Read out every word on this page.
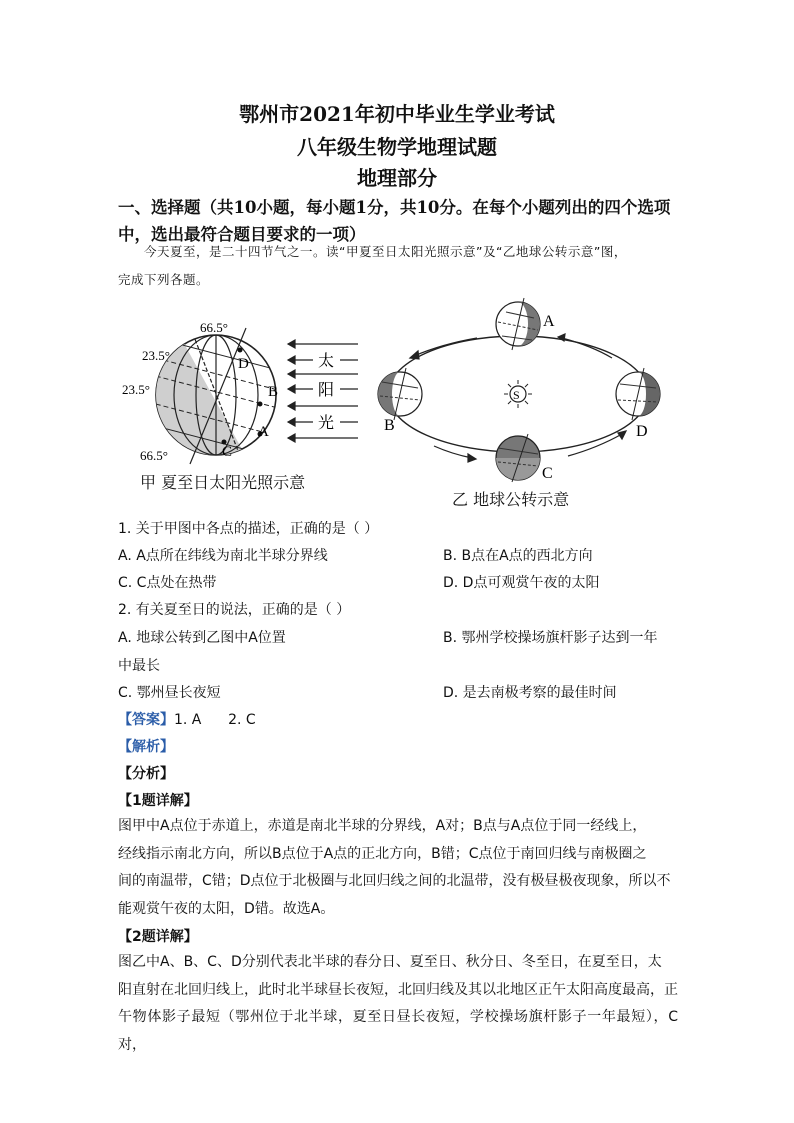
鄂州市2021年初中毕业生学业考试
八年级生物学地理试题
地理部分
一、选择题（共10小题，每小题1分，共10分。在每个小题列出的四个选项
中，选出最符合题目要求的一项）
今天夏至，是二十四节气之一。读“甲夏至日太阳光照示意”及“乙地球公转示意”图，
完成下列各题。
66.5°
23.5°
23.5°
66.5°
D
B
A
C
太
阳
光
甲 夏至日太阳光照示意
S
A
B
C
D
乙 地球公转示意
1. 关于甲图中各点的描述，正确的是（ ）
A. A点所在纬线为南北半球分界线	B. B点在A点的西北方向
C. C点处在热带	D. D点可观赏午夜的太阳
2. 有关夏至日的说法，正确的是（ ）
A. 地球公转到乙图中A位置	B. 鄂州学校操场旗杆影子达到一年
中最长
C. 鄂州昼长夜短	D. 是去南极考察的最佳时间
【答案】1. A      2. C
【解析】
【分析】
【1题详解】
图甲中A点位于赤道上，赤道是南北半球的分界线，A对；B点与A点位于同一经线上，
经线指示南北方向，所以B点位于A点的正北方向，B错；C点位于南回归线与南极圈之
间的南温带，C错；D点位于北极圈与北回归线之间的北温带，没有极昼极夜现象，所以不
能观赏午夜的太阳，D错。故选A。
【2题详解】
图乙中A、B、C、D分别代表北半球的春分日、夏至日、秋分日、冬至日，在夏至日，太
阳直射在北回归线上，此时北半球昼长夜短，北回归线及其以北地区正午太阳高度最高，正
午物体影子最短（鄂州位于北半球，夏至日昼长夜短，学校操场旗杆影子一年最短），C对，
